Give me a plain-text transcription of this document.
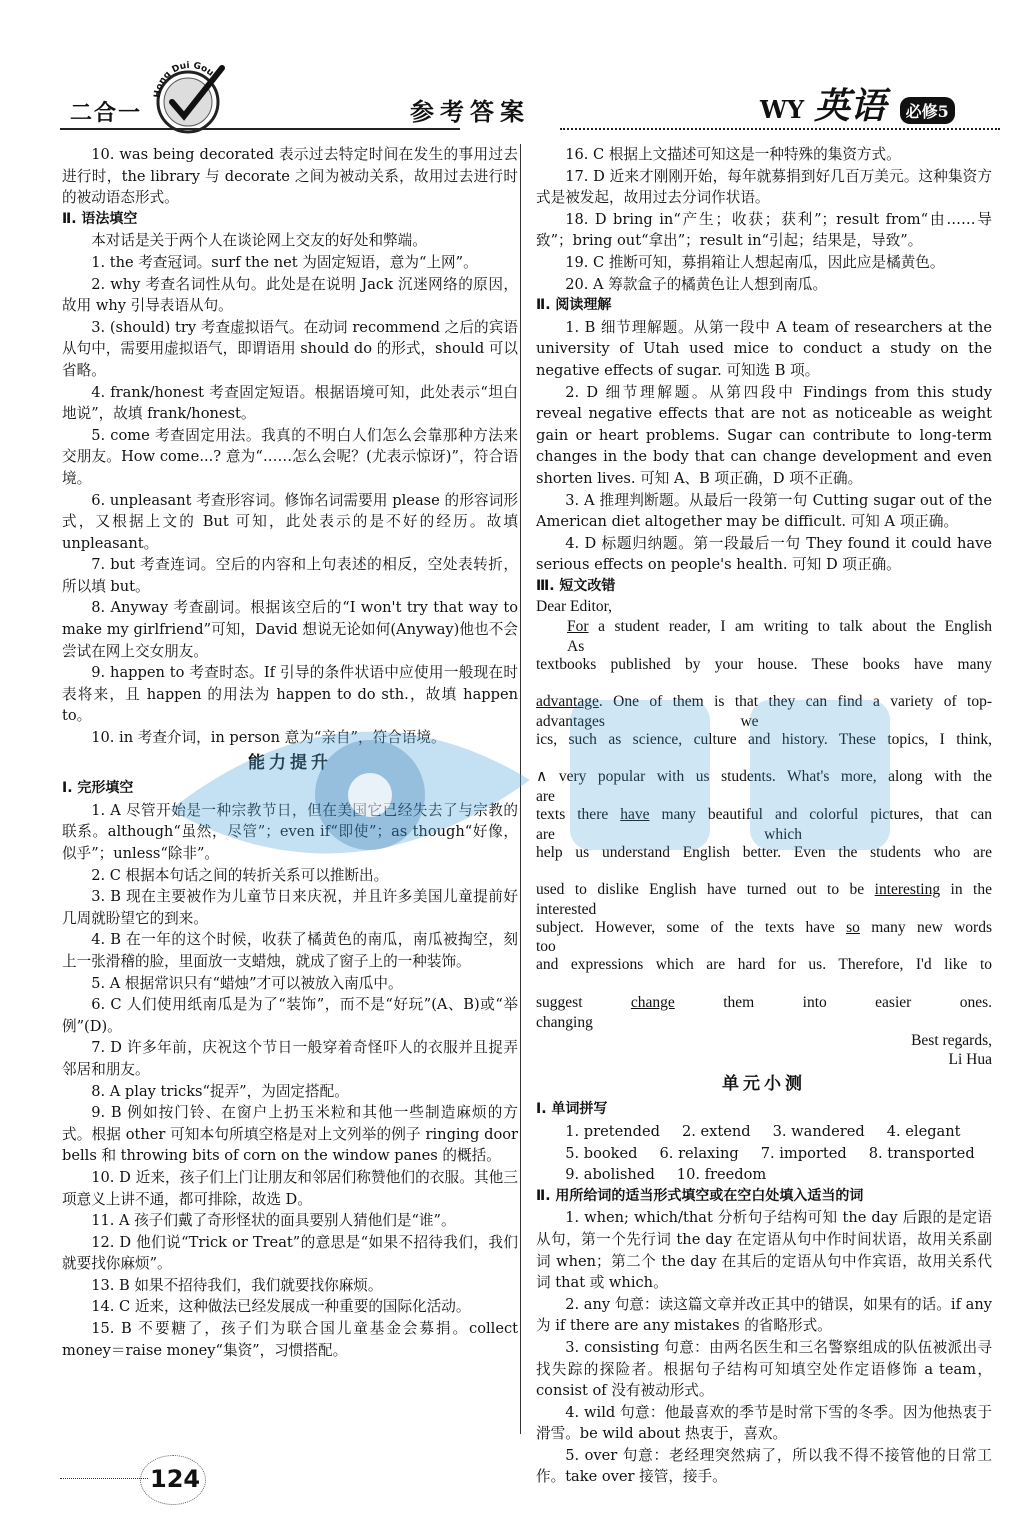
二合一
Hong Dui Gou
参考答案	WY 英语 必修5
10. was being decorated 表示过去特定时间在发生的事用过去进行时，the library 与 decorate 之间为被动关系，故用过去进行时的被动语态形式。
Ⅱ. 语法填空
本对话是关于两个人在谈论网上交友的好处和弊端。
1. the 考查冠词。surf the net 为固定短语，意为“上网”。
2. why 考查名词性从句。此处是在说明 Jack 沉迷网络的原因，故用 why 引导表语从句。
3. (should) try 考查虚拟语气。在动词 recommend 之后的宾语从句中，需要用虚拟语气，即谓语用 should do 的形式，should 可以省略。
4. frank/honest 考查固定短语。根据语境可知，此处表示“坦白地说”，故填 frank/honest。
5. come 考查固定用法。我真的不明白人们怎么会靠那种方法来交朋友。How come...? 意为“……怎么会呢？(尤表示惊讶)”，符合语境。
6. unpleasant 考查形容词。修饰名词需要用 please 的形容词形式，又根据上文的 But 可知，此处表示的是不好的经历。故填 unpleasant。
7. but 考查连词。空后的内容和上句表述的相反，空处表转折，所以填 but。
8. Anyway 考查副词。根据该空后的“I won't try that way to make my girlfriend”可知，David 想说无论如何(Anyway)他也不会尝试在网上交女朋友。
9. happen to 考查时态。If 引导的条件状语中应使用一般现在时表将来，且 happen 的用法为 happen to do sth.，故填 happen to。
10. in 考查介词，in person 意为“亲自”，符合语境。
能力提升
Ⅰ. 完形填空
1. A 尽管开始是一种宗教节日，但在美国它已经失去了与宗教的联系。although“虽然，尽管”；even if“即使”；as though“好像，似乎”；unless“除非”。
2. C 根据本句话之间的转折关系可以推断出。
3. B 现在主要被作为儿童节日来庆祝，并且许多美国儿童提前好几周就盼望它的到来。
4. B 在一年的这个时候，收获了橘黄色的南瓜，南瓜被掏空，刻上一张滑稽的脸，里面放一支蜡烛，就成了窗子上的一种装饰。
5. A 根据常识只有“蜡烛”才可以被放入南瓜中。
6. C 人们使用纸南瓜是为了“装饰”，而不是“好玩”(A、B)或“举例”(D)。
7. D 许多年前，庆祝这个节日一般穿着奇怪吓人的衣服并且捉弄邻居和朋友。
8. A play tricks“捉弄”，为固定搭配。
9. B 例如按门铃、在窗户上扔玉米粒和其他一些制造麻烦的方式。根据 other 可知本句所填空格是对上文列举的例子 ringing door bells 和 throwing bits of corn on the window panes 的概括。
10. D 近来，孩子们上门让朋友和邻居们称赞他们的衣服。其他三项意义上讲不通，都可排除，故选 D。
11. A 孩子们戴了奇形怪状的面具要别人猜他们是“谁”。
12. D 他们说“Trick or Treat”的意思是“如果不招待我们，我们就要找你麻烦”。
13. B 如果不招待我们，我们就要找你麻烦。
14. C 近来，这种做法已经发展成一种重要的国际化活动。
15. B 不要糖了，孩子们为联合国儿童基金会募捐。collect money＝raise money“集资”，习惯搭配。
16. C 根据上文描述可知这是一种特殊的集资方式。
17. D 近来才刚刚开始，每年就募捐到好几百万美元。这种集资方式是被发起，故用过去分词作状语。
18. D bring in“产生；收获；获利”；result from“由……导致”；bring out“拿出”；result in“引起；结果是，导致”。
19. C 推断可知，募捐箱让人想起南瓜，因此应是橘黄色。
20. A 筹款盒子的橘黄色让人想到南瓜。
Ⅱ. 阅读理解
1. B 细节理解题。从第一段中 A team of researchers at the university of Utah used mice to conduct a study on the negative effects of sugar. 可知选 B 项。
2. D 细节理解题。从第四段中 Findings from this study reveal negative effects that are not as noticeable as weight gain or heart problems. Sugar can contribute to long-term changes in the body that can change development and even shorten lives. 可知 A、B 项正确，D 项不正确。
3. A 推理判断题。从最后一段第一句 Cutting sugar out of the American diet altogether may be difficult. 可知 A 项正确。
4. D 标题归纳题。第一段最后一句 They found it could have serious effects on people's health. 可知 D 项正确。
Ⅲ. 短文改错
Dear Editor,
For a student reader, I am writing to talk about the English
As
textbooks published by your house. These books have many
advantage. One of them is that they can find a variety of top-
advantages                                   we
ics, such as science, culture and history. These topics, I think,
∧ very popular with us students. What's more, along with the
are
texts there have many beautiful and colorful pictures, that can
are                                                      which
help us understand English better. Even the students who are
used to dislike English have turned out to be interesting in the
interested
subject. However, some of the texts have so many new words
too
and expressions which are hard for us. Therefore, I'd like to
suggest change them into easier ones.
changing
Best regards,
Li Hua
单元小测
Ⅰ. 单词拼写
1. pretended 2. extend 3. wandered 4. elegant
5. booked 6. relaxing 7. imported 8. transported
9. abolished 10. freedom
Ⅱ. 用所给词的适当形式填空或在空白处填入适当的词
1. when; which/that 分析句子结构可知 the day 后跟的是定语从句，第一个先行词 the day 在定语从句中作时间状语，故用关系副词 when；第二个 the day 在其后的定语从句中作宾语，故用关系代词 that 或 which。
2. any 句意：读这篇文章并改正其中的错误，如果有的话。if any 为 if there are any mistakes 的省略形式。
3. consisting 句意：由两名医生和三名警察组成的队伍被派出寻找失踪的探险者。根据句子结构可知填空处作定语修饰 a team，consist of 没有被动形式。
4. wild 句意：他最喜欢的季节是时常下雪的冬季。因为他热衷于滑雪。be wild about 热衷于，喜欢。
5. over 句意：老经理突然病了，所以我不得不接管他的日常工作。take over 接管，接手。
124
